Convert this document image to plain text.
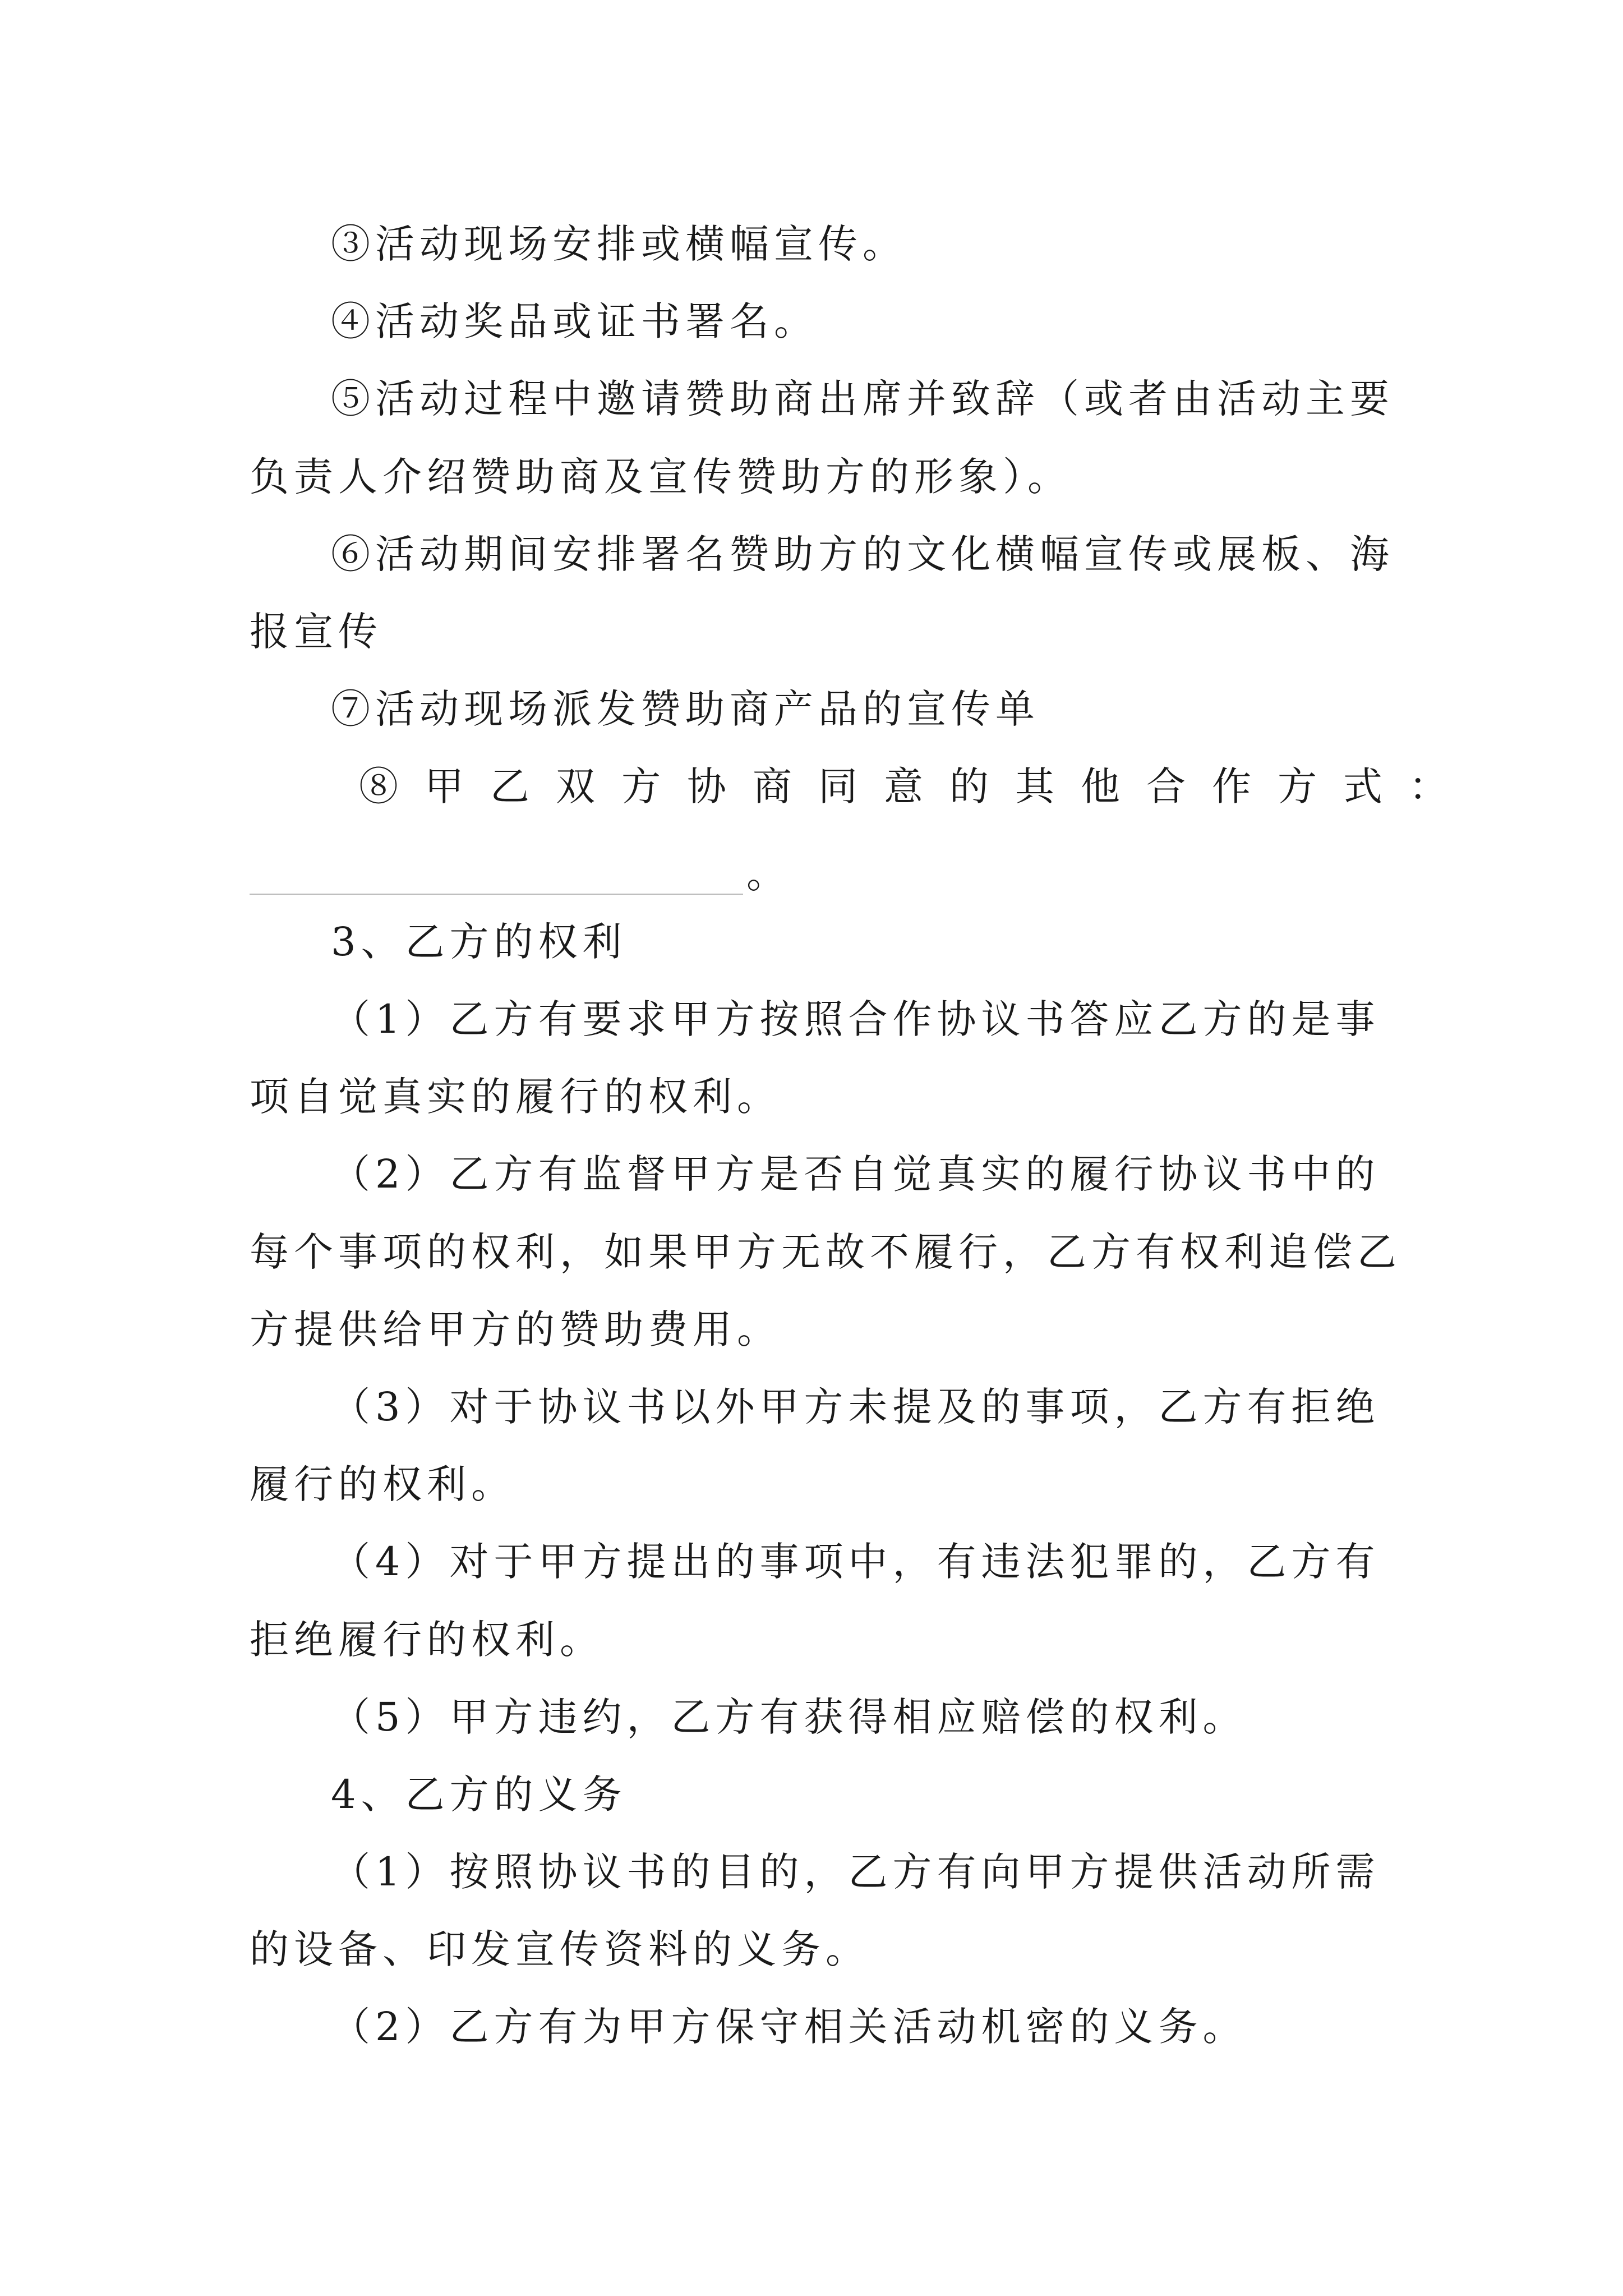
③活动现场安排或横幅宣传。
④活动奖品或证书署名。
⑤活动过程中邀请赞助商出席并致辞（或者由活动主要
负责人介绍赞助商及宣传赞助方的形象）。
⑥活动期间安排署名赞助方的文化横幅宣传或展板、海
报宣传
⑦活动现场派发赞助商产品的宣传单
⑧甲乙双方协商同意的其他合作方式：
。
3、乙方的权利
（1）乙方有要求甲方按照合作协议书答应乙方的是事
项自觉真实的履行的权利。
（2）乙方有监督甲方是否自觉真实的履行协议书中的
每个事项的权利，如果甲方无故不履行，乙方有权利追偿乙
方提供给甲方的赞助费用。
（3）对于协议书以外甲方未提及的事项，乙方有拒绝
履行的权利。
（4）对于甲方提出的事项中，有违法犯罪的，乙方有
拒绝履行的权利。
（5）甲方违约，乙方有获得相应赔偿的权利。
4、乙方的义务
（1）按照协议书的目的，乙方有向甲方提供活动所需
的设备、印发宣传资料的义务。
（2）乙方有为甲方保守相关活动机密的义务。
